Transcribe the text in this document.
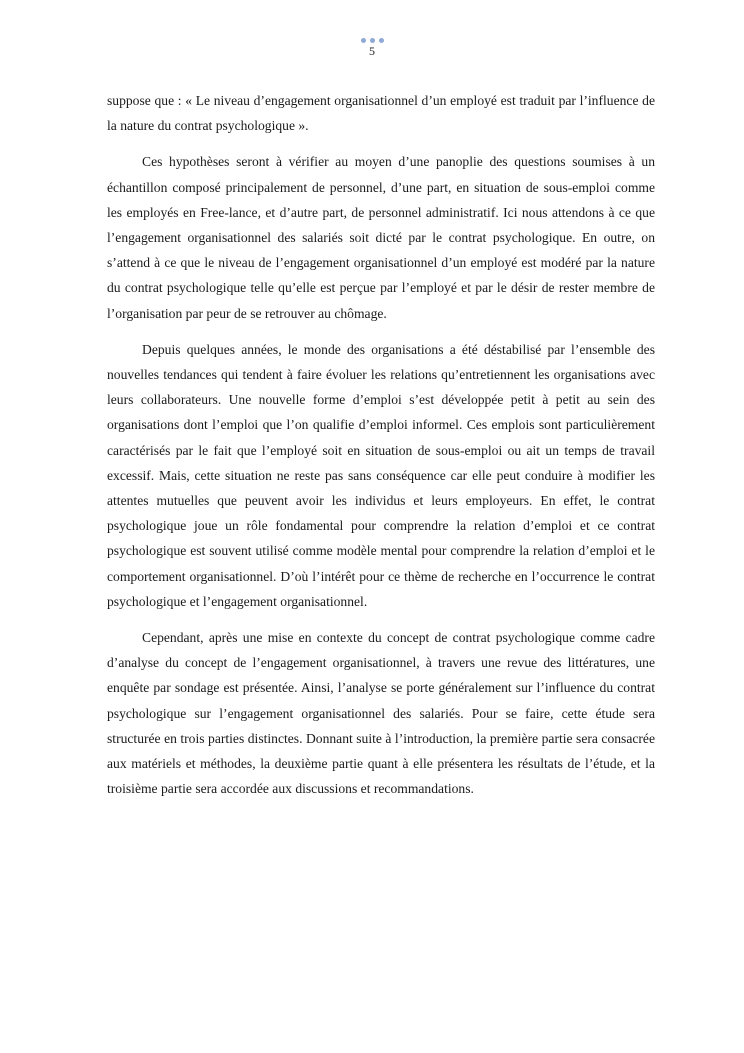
5

suppose que : « Le niveau d’engagement organisationnel d’un employé est traduit par l’influence de la nature du contrat psychologique ».

Ces hypothèses seront à vérifier au moyen d’une panoplie des questions soumises à un échantillon composé principalement de personnel, d’une part, en situation de sous-emploi comme les employés en Free-lance, et d’autre part, de personnel administratif. Ici nous attendons à ce que l’engagement organisationnel des salariés soit dicté par le contrat psychologique. En outre, on s’attend à ce que le niveau de l’engagement organisationnel d’un employé est modéré par la nature du contrat psychologique telle qu’elle est perçue par l’employé et par le désir de rester membre de l’organisation par peur de se retrouver au chômage.

Depuis quelques années, le monde des organisations a été déstabilisé par l’ensemble des nouvelles tendances qui tendent à faire évoluer les relations qu’entretiennent les organisations avec leurs collaborateurs. Une nouvelle forme d’emploi s’est développée petit à petit au sein des organisations dont l’emploi que l’on qualifie d’emploi informel. Ces emplois sont particulièrement caractérisés par le fait que l’employé soit en situation de sous-emploi ou ait un temps de travail excessif. Mais, cette situation ne reste pas sans conséquence car elle peut conduire à modifier les attentes mutuelles que peuvent avoir les individus et leurs employeurs. En effet, le contrat psychologique joue un rôle fondamental pour comprendre la relation d’emploi et ce contrat psychologique est souvent utilisé comme modèle mental pour comprendre la relation d’emploi et le comportement organisationnel. D’où l’intérêt pour ce thème de recherche en l’occurrence le contrat psychologique et l’engagement organisationnel.

Cependant, après une mise en contexte du concept de contrat psychologique comme cadre d’analyse du concept de l’engagement organisationnel, à travers une revue des littératures, une enquête par sondage est présentée. Ainsi, l’analyse se porte généralement sur l’influence du contrat psychologique sur l’engagement organisationnel des salariés. Pour se faire, cette étude sera structurée en trois parties distinctes. Donnant suite à l’introduction, la première partie sera consacrée aux matériels et méthodes, la deuxième partie quant à elle présentera les résultats de l’étude, et la troisième partie sera accordée aux discussions et recommandations.
